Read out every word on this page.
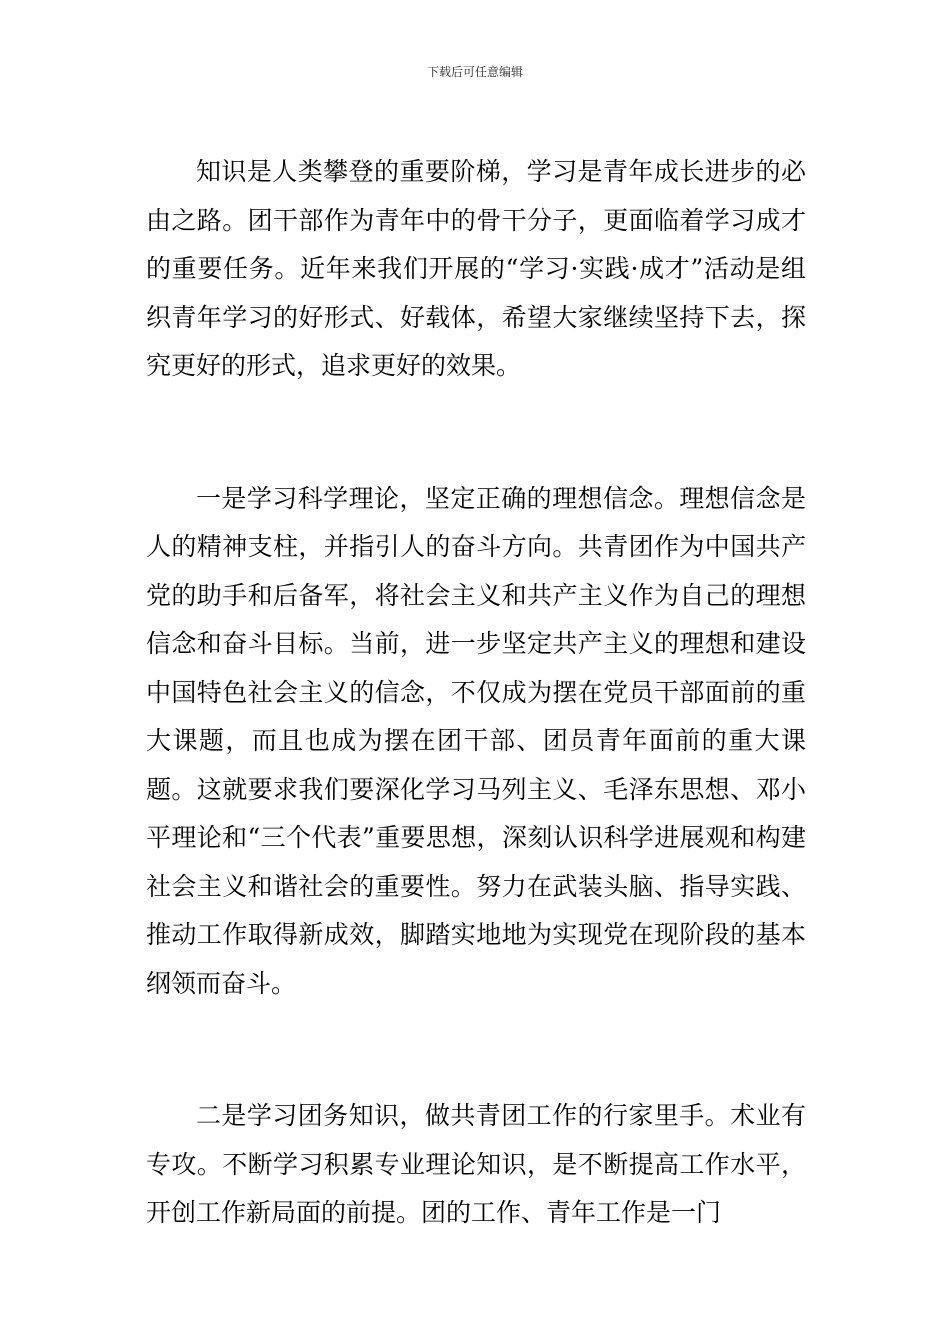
下载后可任意编辑

知识是人类攀登的重要阶梯，学习是青年成长进步的必由之路。团干部作为青年中的骨干分子，更面临着学习成才的重要任务。近年来我们开展的“学习·实践·成才”活动是组织青年学习的好形式、好载体，希望大家继续坚持下去，探究更好的形式，追求更好的效果。

一是学习科学理论，坚定正确的理想信念。理想信念是人的精神支柱，并指引人的奋斗方向。共青团作为中国共产党的助手和后备军，将社会主义和共产主义作为自己的理想信念和奋斗目标。当前，进一步坚定共产主义的理想和建设中国特色社会主义的信念，不仅成为摆在党员干部面前的重大课题，而且也成为摆在团干部、团员青年面前的重大课题。这就要求我们要深化学习马列主义、毛泽东思想、邓小平理论和“三个代表”重要思想，深刻认识科学进展观和构建社会主义和谐社会的重要性。努力在武装头脑、指导实践、推动工作取得新成效，脚踏实地地为实现党在现阶段的基本纲领而奋斗。

二是学习团务知识，做共青团工作的行家里手。术业有专攻。不断学习积累专业理论知识，是不断提高工作水平，开创工作新局面的前提。团的工作、青年工作是一门
